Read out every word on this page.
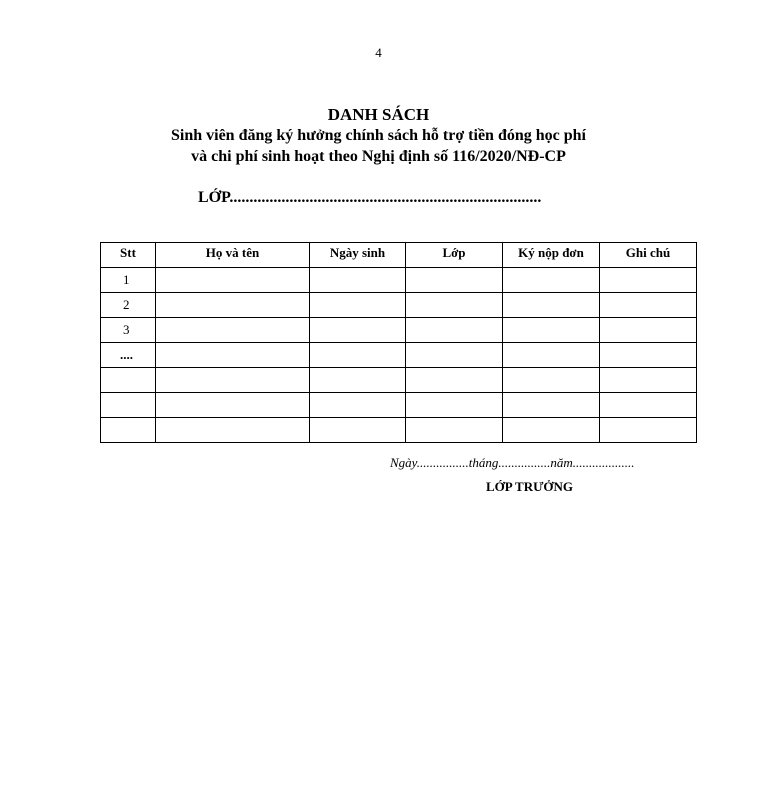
4
DANH SÁCH
Sinh viên đăng ký hưởng chính sách hỗ trợ tiền đóng học phí
và chi phí sinh hoạt theo Nghị định số 116/2020/NĐ-CP
LỚP..............................................................................
Stt	Họ và tên	Ngày sinh	Lớp	Ký nộp đơn	Ghi chú
1					
2					
3					
....					

Ngày................tháng................năm...................
LỚP TRƯỞNG
